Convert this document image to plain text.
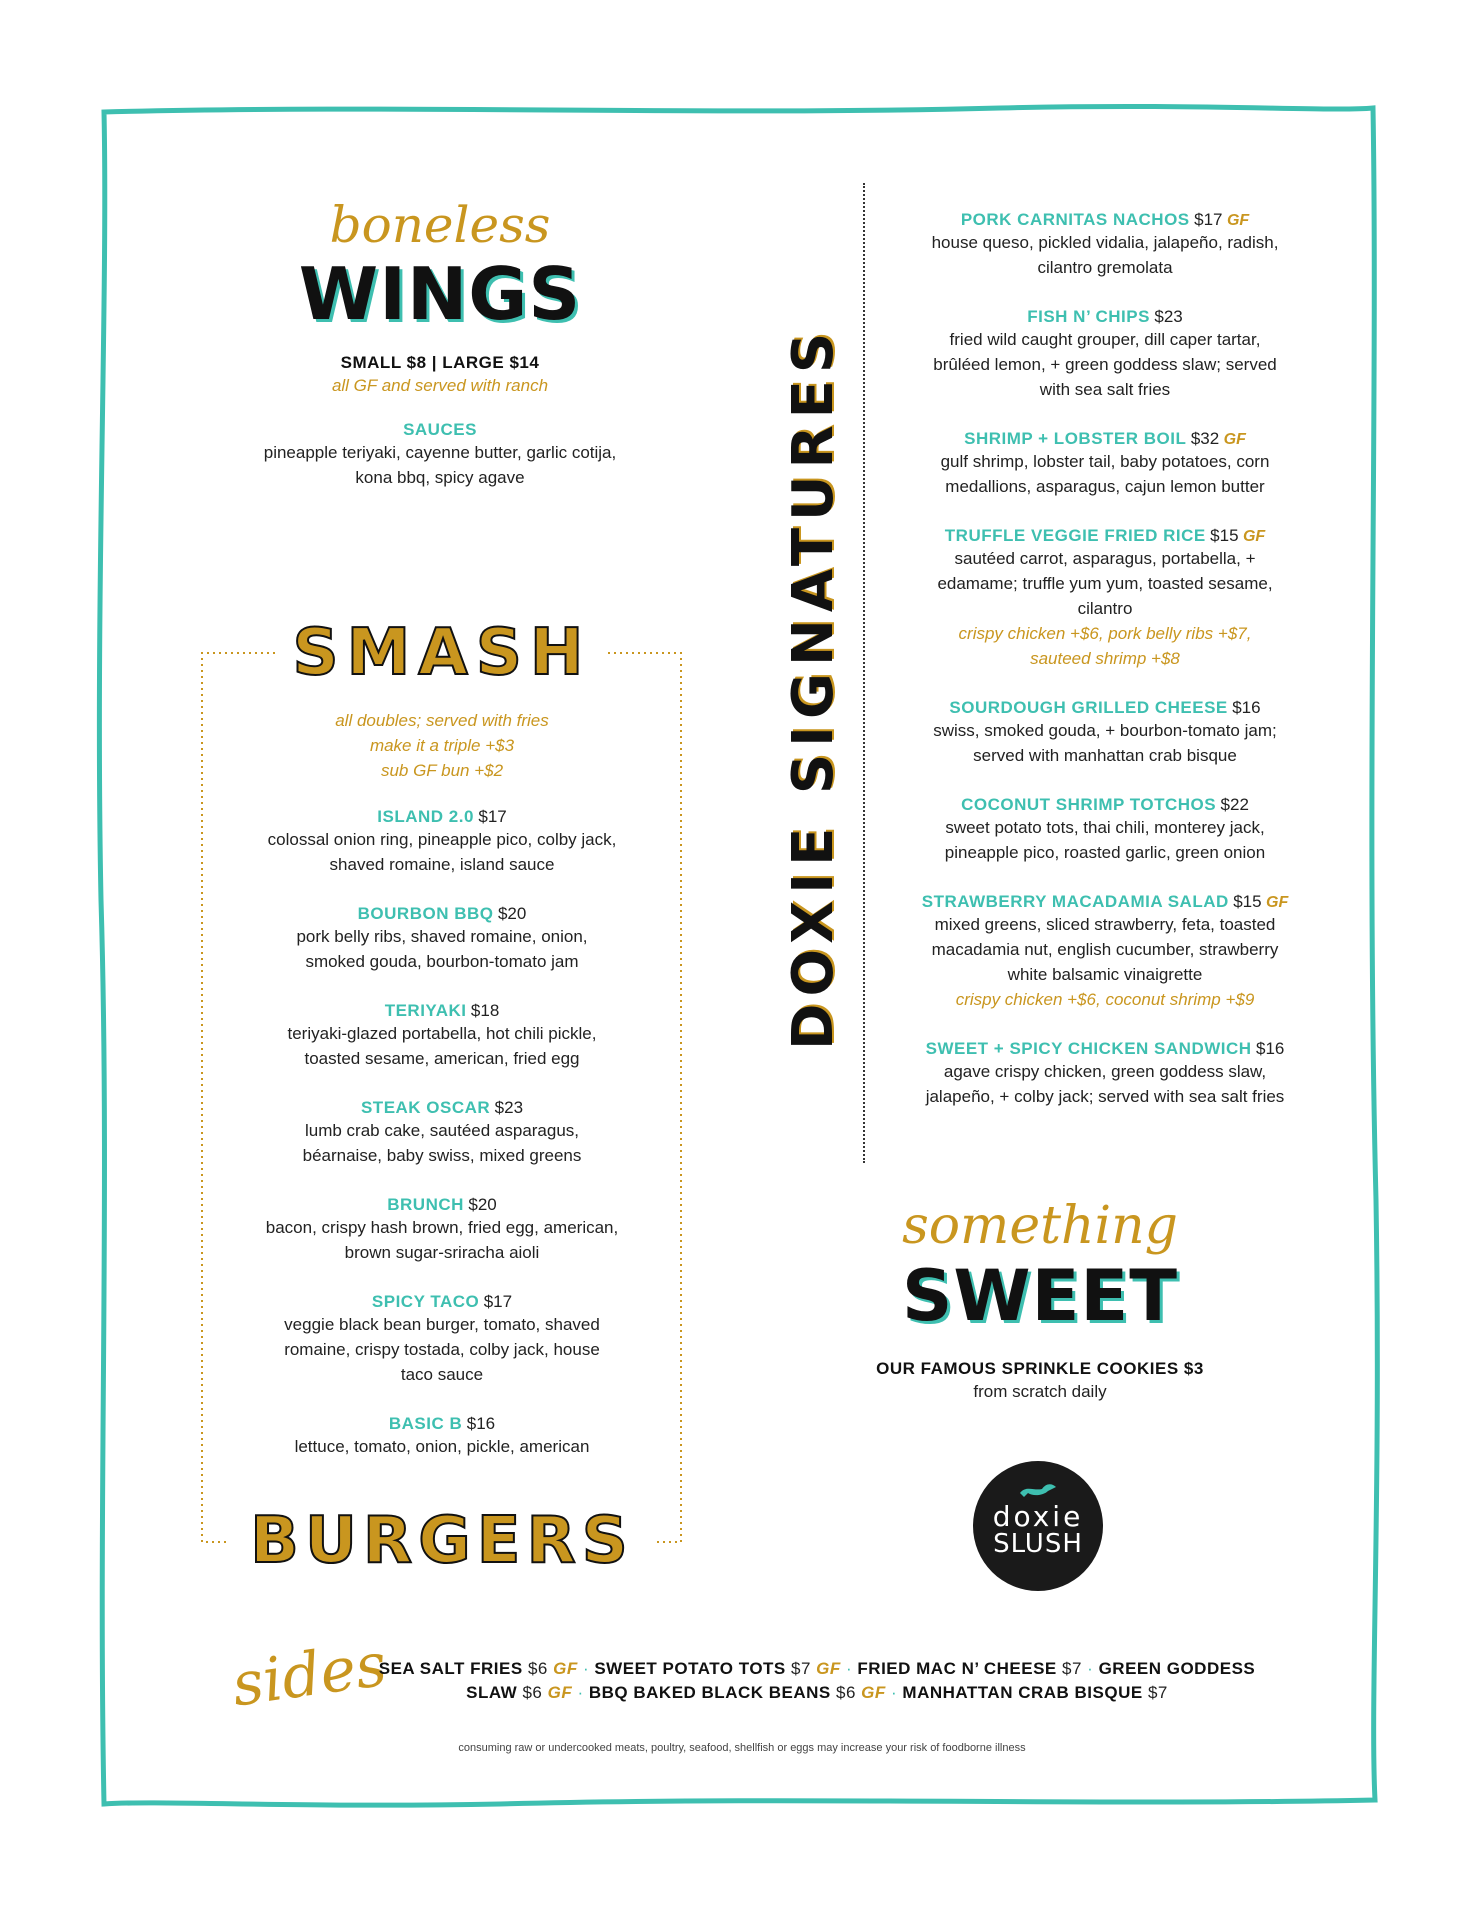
boneless
WINGS
SMALL $8 | LARGE $14
all GF and served with ranch
SAUCES
pineapple teriyaki, cayenne butter, garlic cotija,
kona bbq, spicy agave
SMASH
all doubles; served with fries
make it a triple +$3
sub GF bun +$2
ISLAND 2.0 $17
colossal onion ring, pineapple pico, colby jack,
shaved romaine, island sauce
BOURBON BBQ $20
pork belly ribs, shaved romaine, onion,
smoked gouda, bourbon-tomato jam
TERIYAKI $18
teriyaki-glazed portabella, hot chili pickle,
toasted sesame, american, fried egg
STEAK OSCAR $23
lumb crab cake, sautéed asparagus,
béarnaise, baby swiss, mixed greens
BRUNCH $20
bacon, crispy hash brown, fried egg, american,
brown sugar-sriracha aioli
SPICY TACO $17
veggie black bean burger, tomato, shaved
romaine, crispy tostada, colby jack, house
taco sauce
BASIC B $16
lettuce, tomato, onion, pickle, american
BURGERS
DOXIE SIGNATURES
PORK CARNITAS NACHOS $17 GF
house queso, pickled vidalia, jalapeño, radish,
cilantro gremolata
FISH N’ CHIPS $23
fried wild caught grouper, dill caper tartar,
brûléed lemon, + green goddess slaw; served
with sea salt fries
SHRIMP + LOBSTER BOIL $32 GF
gulf shrimp, lobster tail, baby potatoes, corn
medallions, asparagus, cajun lemon butter
TRUFFLE VEGGIE FRIED RICE $15 GF
sautéed carrot, asparagus, portabella, +
edamame; truffle yum yum, toasted sesame,
cilantro
crispy chicken +$6, pork belly ribs +$7,
sauteed shrimp +$8
SOURDOUGH GRILLED CHEESE $16
swiss, smoked gouda, + bourbon-tomato jam;
served with manhattan crab bisque
COCONUT SHRIMP TOTCHOS $22
sweet potato tots, thai chili, monterey jack,
pineapple pico, roasted garlic, green onion
STRAWBERRY MACADAMIA SALAD $15 GF
mixed greens, sliced strawberry, feta, toasted
macadamia nut, english cucumber, strawberry
white balsamic vinaigrette
crispy chicken +$6, coconut shrimp +$9
SWEET + SPICY CHICKEN SANDWICH $16
agave crispy chicken, green goddess slaw,
jalapeño, + colby jack; served with sea salt fries
something
SWEET
OUR FAMOUS SPRINKLE COOKIES $3
from scratch daily
doxie
SLUSH
sides
SEA SALT FRIES $6 GF · SWEET POTATO TOTS $7 GF · FRIED MAC N’ CHEESE $7 · GREEN GODDESS SLAW $6 GF · BBQ BAKED BLACK BEANS $6 GF · MANHATTAN CRAB BISQUE $7
consuming raw or undercooked meats, poultry, seafood, shellfish or eggs may increase your risk of foodborne illness
